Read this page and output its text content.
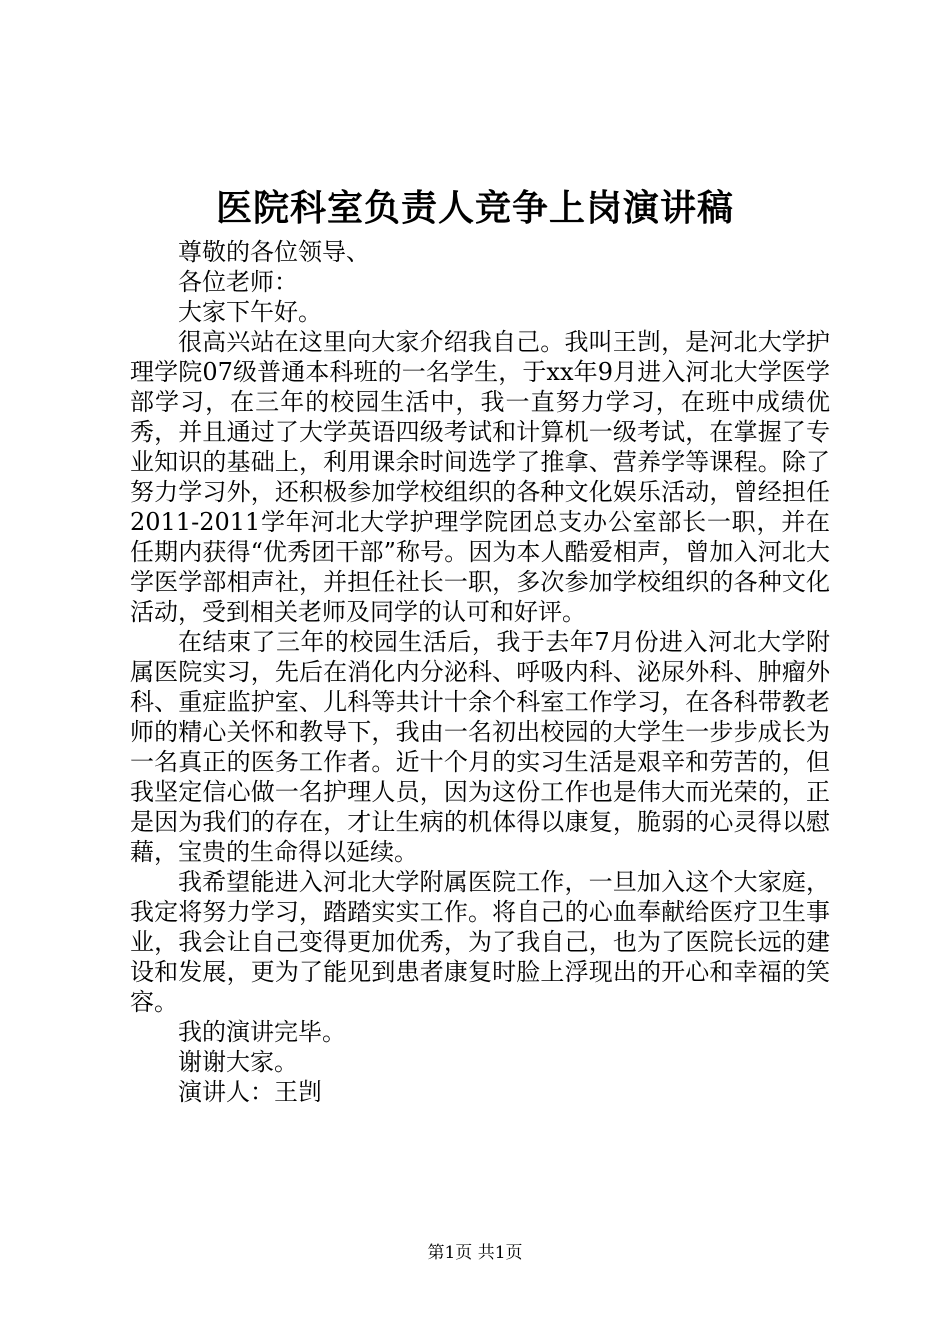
医院科室负责人竞争上岗演讲稿

尊敬的各位领导、

各位老师：

大家下午好。

很高兴站在这里向大家介绍我自己。我叫王剀，是河北大学护理学院07级普通本科班的一名学生，于xx年9月进入河北大学医学部学习，在三年的校园生活中，我一直努力学习，在班中成绩优秀，并且通过了大学英语四级考试和计算机一级考试，在掌握了专业知识的基础上，利用课余时间选学了推拿、营养学等课程。除了努力学习外，还积极参加学校组织的各种文化娱乐活动，曾经担任2011-2011学年河北大学护理学院团总支办公室部长一职，并在任期内获得“优秀团干部”称号。因为本人酷爱相声，曾加入河北大学医学部相声社，并担任社长一职，多次参加学校组织的各种文化活动，受到相关老师及同学的认可和好评。

在结束了三年的校园生活后，我于去年7月份进入河北大学附属医院实习，先后在消化内分泌科、呼吸内科、泌尿外科、肿瘤外科、重症监护室、儿科等共计十余个科室工作学习，在各科带教老师的精心关怀和教导下，我由一名初出校园的大学生一步步成长为一名真正的医务工作者。近十个月的实习生活是艰辛和劳苦的，但我坚定信心做一名护理人员，因为这份工作也是伟大而光荣的，正是因为我们的存在，才让生病的机体得以康复，脆弱的心灵得以慰藉，宝贵的生命得以延续。

我希望能进入河北大学附属医院工作，一旦加入这个大家庭，我定将努力学习，踏踏实实工作。将自己的心血奉献给医疗卫生事业，我会让自己变得更加优秀，为了我自己，也为了医院长远的建设和发展，更为了能见到患者康复时脸上浮现出的开心和幸福的笑容。

我的演讲完毕。

谢谢大家。

演讲人：王剀

第1页 共1页
